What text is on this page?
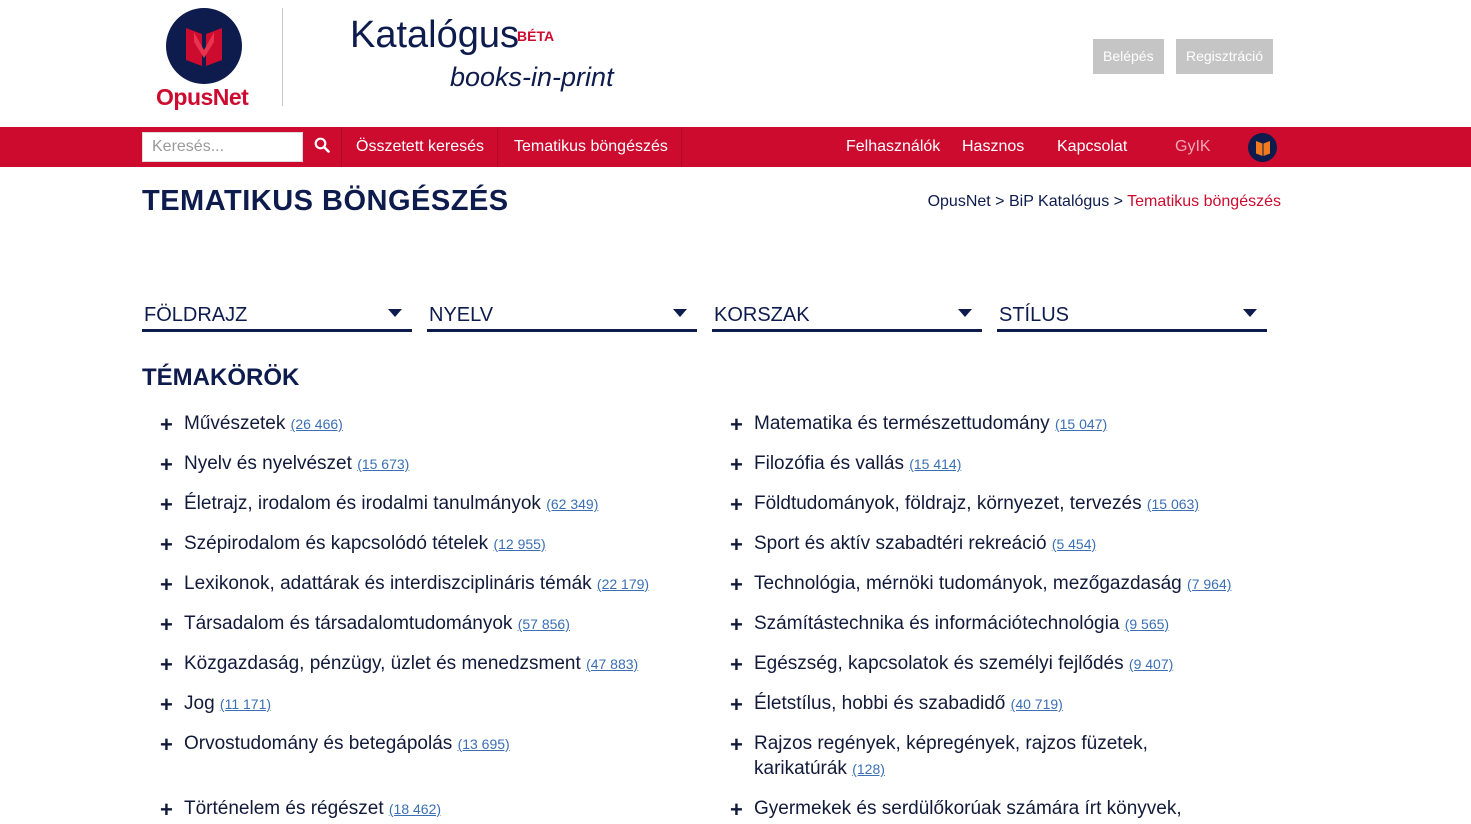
OpusNet
Katalógus
BÉTA
books-in-print
Belépés	Regisztráció
Keresés...
Összetett keresés Tematikus böngészés	Felhasználók Hasznos Kapcsolat	GyIK
TEMATIKUS BÖNGÉSZÉS	OpusNet > BiP Katalógus > Tematikus böngészés
FÖLDRAJZ	NYELV	KORSZAK	STÍLUS
TÉMAKÖRÖK
+ Művészetek (26 466)
+ Nyelv és nyelvészet (15 673)
+ Életrajz, irodalom és irodalmi tanulmányok (62 349)
+ Szépirodalom és kapcsolódó tételek (12 955)
+ Lexikonok, adattárak és interdiszciplináris témák (22 179)
+ Társadalom és társadalomtudományok (57 856)
+ Közgazdaság, pénzügy, üzlet és menedzsment (47 883)
+ Jog (11 171)
+ Orvostudomány és betegápolás (13 695)
+ Történelem és régészet (18 462)
+ Matematika és természettudomány (15 047)
+ Filozófia és vallás (15 414)
+ Földtudományok, földrajz, környezet, tervezés (15 063)
+ Sport és aktív szabadtéri rekreáció (5 454)
+ Technológia, mérnöki tudományok, mezőgazdaság (7 964)
+ Számítástechnika és információtechnológia (9 565)
+ Egészség, kapcsolatok és személyi fejlődés (9 407)
+ Életstílus, hobbi és szabadidő (40 719)
+ Rajzos regények, képregények, rajzos füzetek, karikatúrák (128)
+ Gyermekek és serdülőkorúak számára írt könyvek,
